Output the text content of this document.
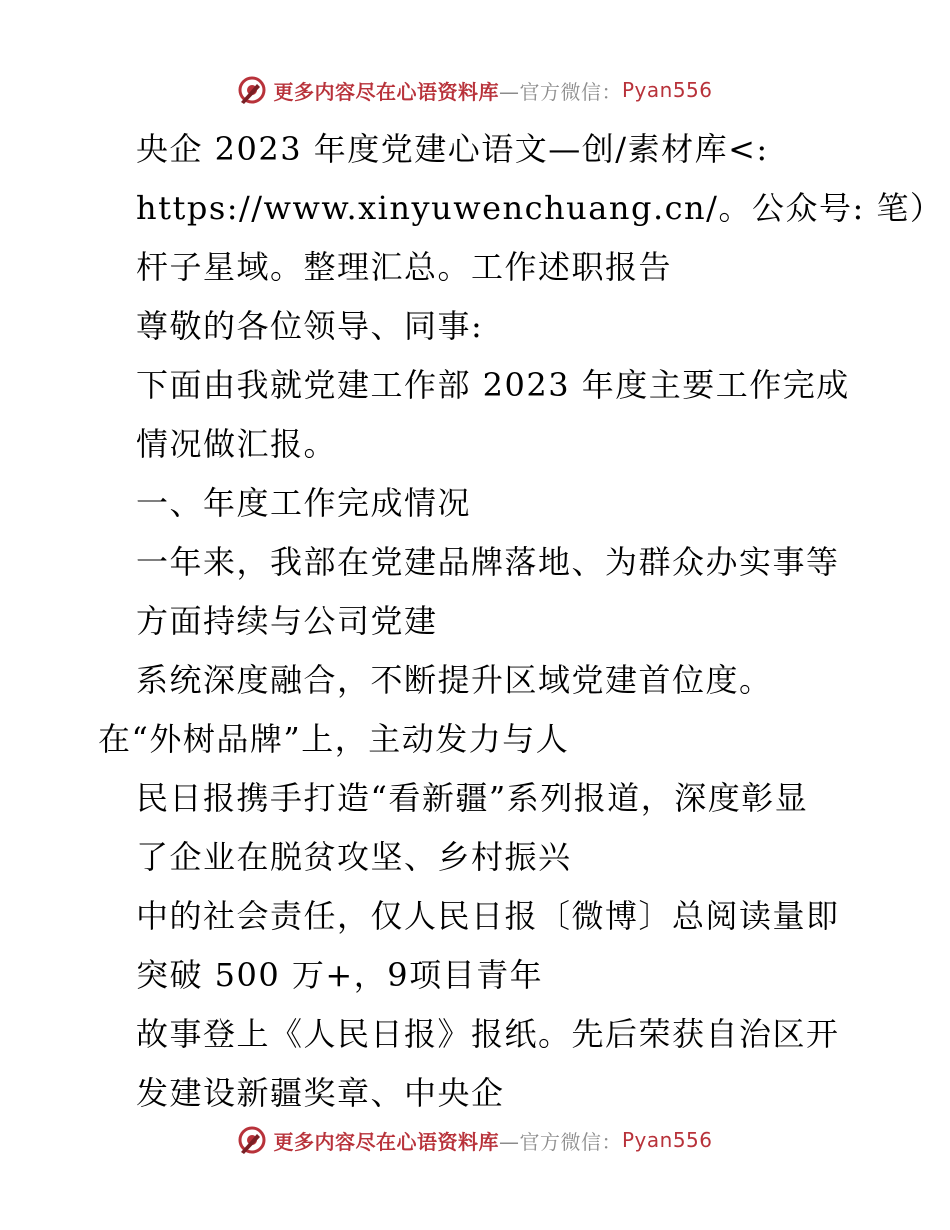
更多内容尽在心语资料库 —官方微信： Pyan556

央企 2023 年度党建心语文—创/素材库<:
https://www.xinyuwenchuang.cn/。公众号: 笔）
杆子星域。整理汇总。工作述职报告

尊敬的各位领导、同事:

下面由我就党建工作部 2023 年度主要工作完成
情况做汇报。

一、年度工作完成情况

一年来，我部在党建品牌落地、为群众办实事等
方面持续与公司党建

系统深度融合，不断提升区域党建首位度。

在“外树品牌”上，主动发力与人

民日报携手打造“看新疆”系列报道，深度彰显
了企业在脱贫攻坚、乡村振兴

中的社会责任，仅人民日报〔微博〕总阅读量即
突破 500 万+，9项目青年

故事登上《人民日报》报纸。先后荣获自治区开
发建设新疆奖章、中央企

更多内容尽在心语资料库 —官方微信： Pyan556
